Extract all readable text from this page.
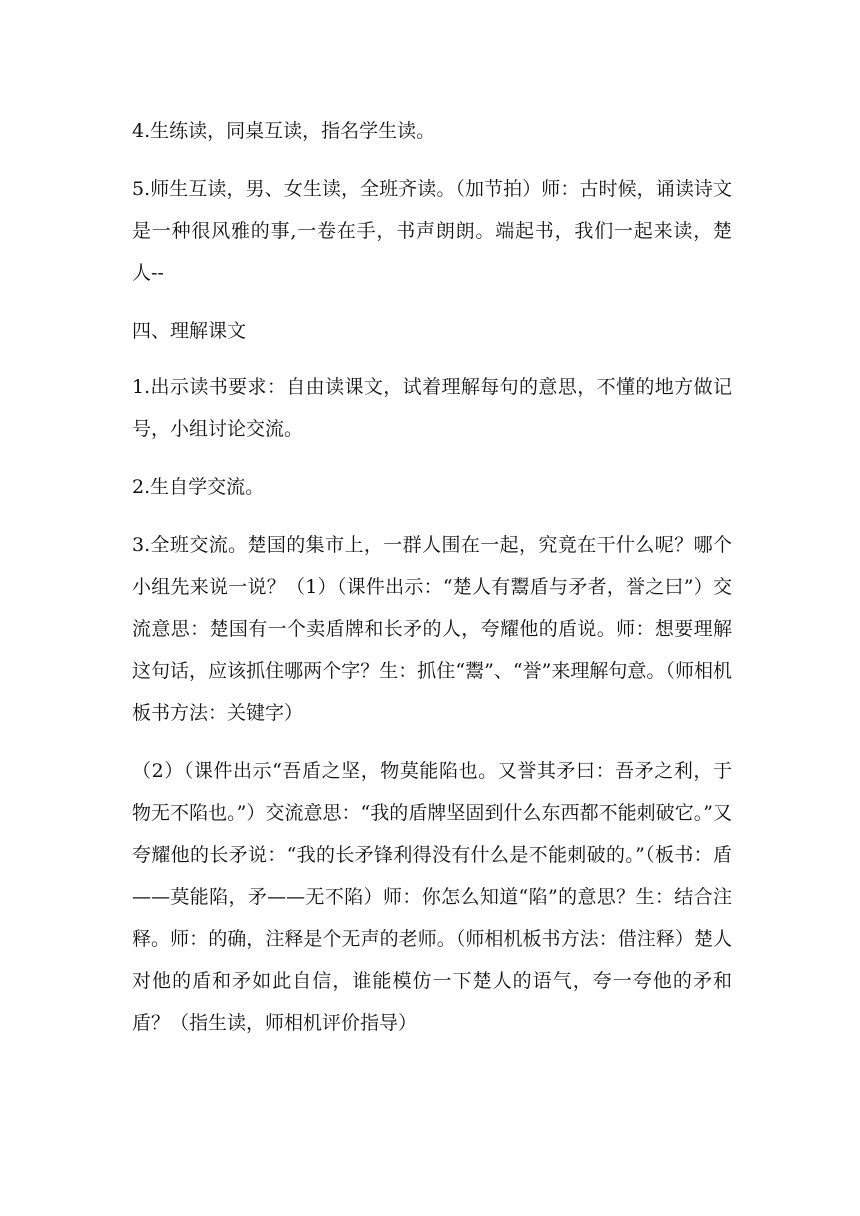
4.生练读，同桌互读，指名学生读。

5.师生互读，男、女生读，全班齐读。（加节拍）师：古时候，诵读诗文是一种很风雅的事,一卷在手，书声朗朗。端起书，我们一起来读，楚人--

四、理解课文

1.出示读书要求：自由读课文，试着理解每句的意思，不懂的地方做记号，小组讨论交流。

2.生自学交流。

3.全班交流。楚国的集市上，一群人围在一起，究竟在干什么呢？哪个小组先来说一说？（1）（课件出示：“楚人有鬻盾与矛者，誉之曰”）交流意思：楚国有一个卖盾牌和长矛的人，夸耀他的盾说。师：想要理解这句话，应该抓住哪两个字？生：抓住“鬻”、“誉”来理解句意。（师相机板书方法：关键字）

（2）（课件出示“吾盾之坚，物莫能陷也。又誉其矛曰：吾矛之利，于物无不陷也。”）交流意思：“我的盾牌坚固到什么东西都不能刺破它。”又夸耀他的长矛说：“我的长矛锋利得没有什么是不能刺破的。”（板书：盾——莫能陷，矛——无不陷）师：你怎么知道“陷”的意思？生：结合注释。师：的确，注释是个无声的老师。（师相机板书方法：借注释）楚人对他的盾和矛如此自信，谁能模仿一下楚人的语气，夸一夸他的矛和盾？（指生读，师相机评价指导）
